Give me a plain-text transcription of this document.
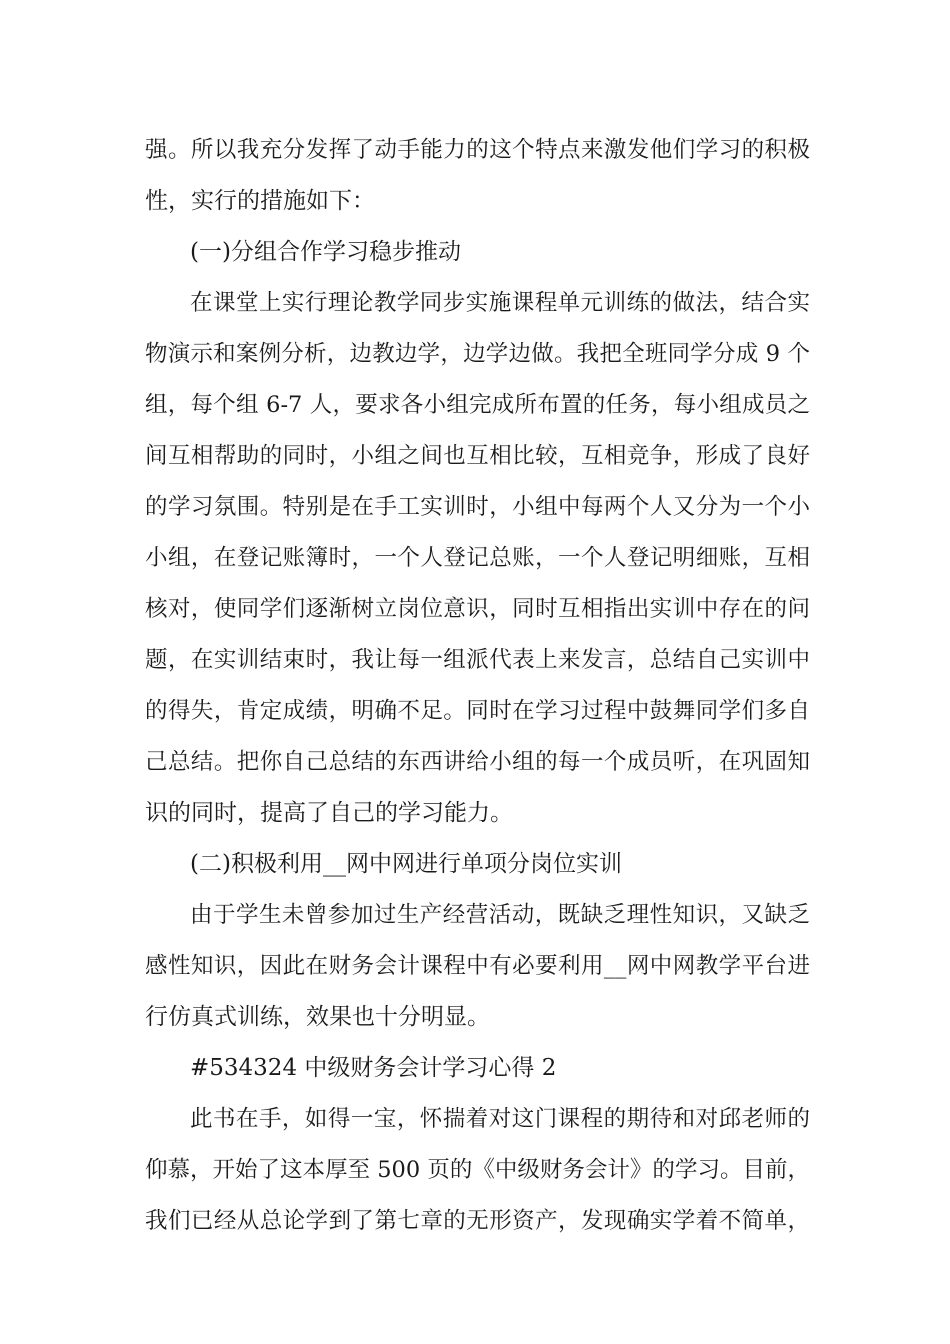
强。所以我充分发挥了动手能力的这个特点来激发他们学习的积极
性，实行的措施如下：
(一)分组合作学习稳步推动
在课堂上实行理论教学同步实施课程单元训练的做法，结合实
物演示和案例分析，边教边学，边学边做。我把全班同学分成 9 个
组，每个组 6-7 人，要求各小组完成所布置的任务，每小组成员之
间互相帮助的同时，小组之间也互相比较，互相竞争，形成了良好
的学习氛围。特别是在手工实训时，小组中每两个人又分为一个小
小组，在登记账簿时，一个人登记总账，一个人登记明细账，互相
核对，使同学们逐渐树立岗位意识，同时互相指出实训中存在的问
题，在实训结束时，我让每一组派代表上来发言，总结自己实训中
的得失，肯定成绩，明确不足。同时在学习过程中鼓舞同学们多自
己总结。把你自己总结的东西讲给小组的每一个成员听，在巩固知
识的同时，提高了自己的学习能力。
(二)积极利用__网中网进行单项分岗位实训
由于学生未曾参加过生产经营活动，既缺乏理性知识，又缺乏
感性知识，因此在财务会计课程中有必要利用__网中网教学平台进
行仿真式训练，效果也十分明显。
#534324 中级财务会计学习心得 2
此书在手，如得一宝，怀揣着对这门课程的期待和对邱老师的
仰慕，开始了这本厚至 500 页的《中级财务会计》的学习。目前，
我们已经从总论学到了第七章的无形资产，发现确实学着不简单，
